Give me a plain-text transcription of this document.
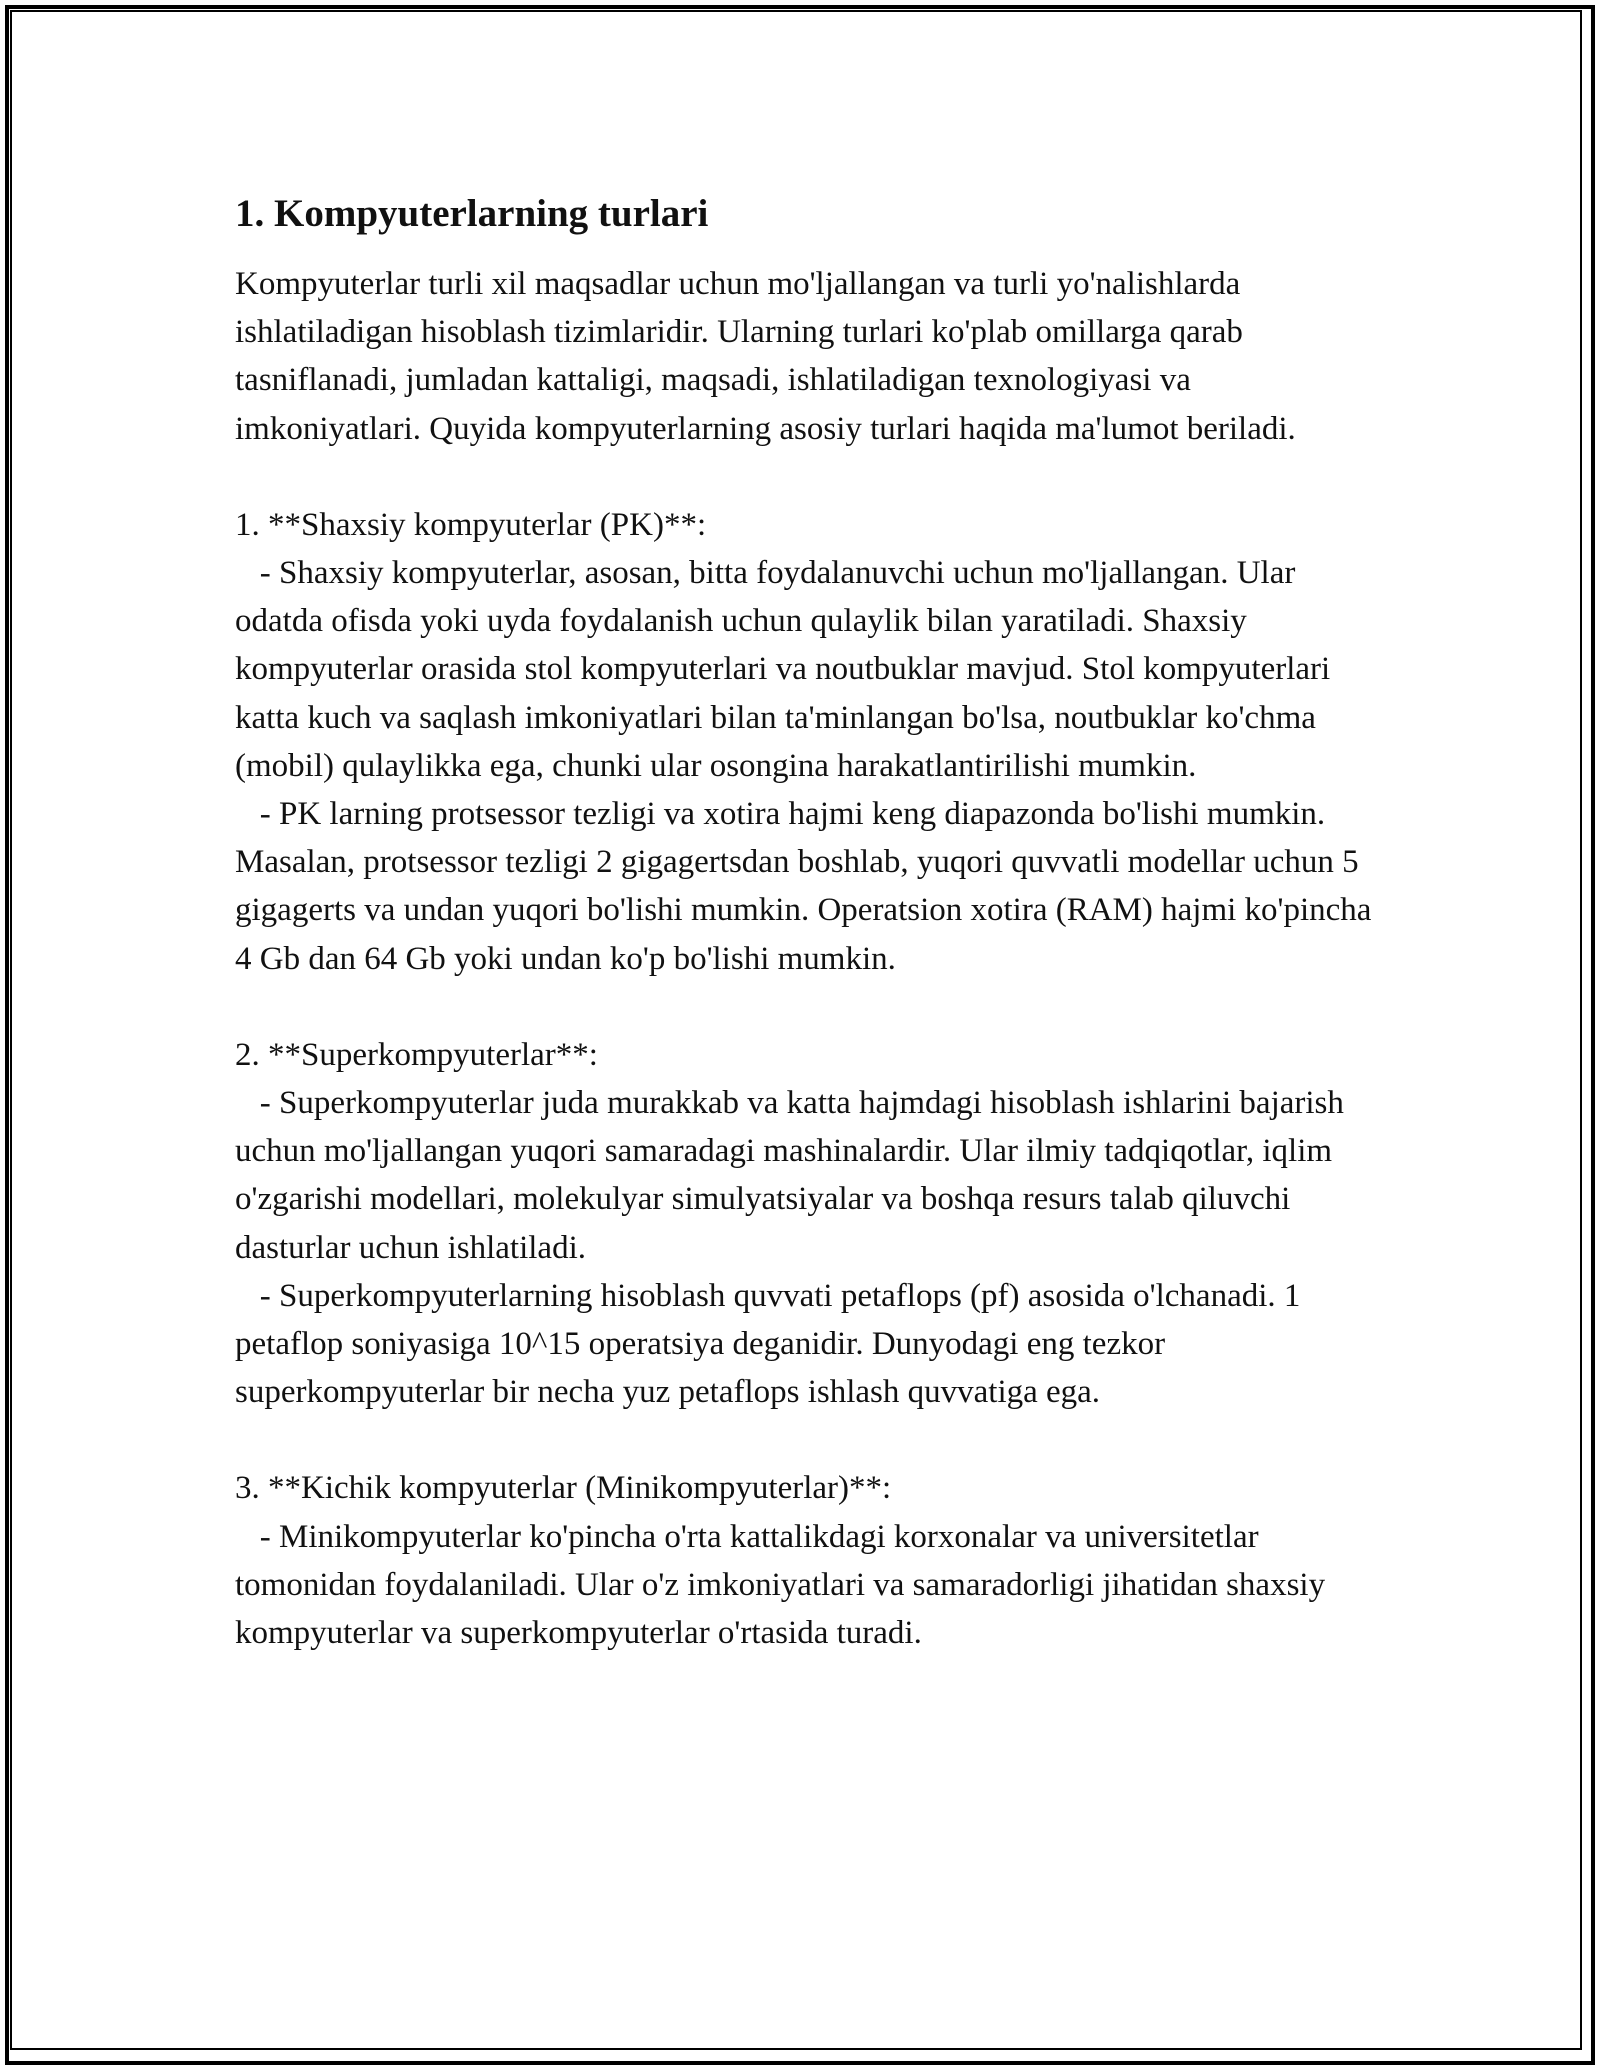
1. Kompyuterlarning turlari

Kompyuterlar turli xil maqsadlar uchun mo'ljallangan va turli yo'nalishlarda ishlatiladigan hisoblash tizimlaridir. Ularning turlari ko'plab omillarga qarab tasniflanadi, jumladan kattaligi, maqsadi, ishlatiladigan texnologiyasi va imkoniyatlari. Quyida kompyuterlarning asosiy turlari haqida ma'lumot beriladi.

1. **Shaxsiy kompyuterlar (PK)**:

- Shaxsiy kompyuterlar, asosan, bitta foydalanuvchi uchun mo'ljallangan. Ular odatda ofisda yoki uyda foydalanish uchun qulaylik bilan yaratiladi. Shaxsiy kompyuterlar orasida stol kompyuterlari va noutbuklar mavjud. Stol kompyuterlari katta kuch va saqlash imkoniyatlari bilan ta'minlangan bo'lsa, noutbuklar ko'chma (mobil) qulaylikka ega, chunki ular osongina harakatlantirilishi mumkin.

- PK larning protsessor tezligi va xotira hajmi keng diapazonda bo'lishi mumkin. Masalan, protsessor tezligi 2 gigagertsdan boshlab, yuqori quvvatli modellar uchun 5 gigagerts va undan yuqori bo'lishi mumkin. Operatsion xotira (RAM) hajmi ko'pincha 4 Gb dan 64 Gb yoki undan ko'p bo'lishi mumkin.

2. **Superkompyuterlar**:

- Superkompyuterlar juda murakkab va katta hajmdagi hisoblash ishlarini bajarish uchun mo'ljallangan yuqori samaradagi mashinalardir. Ular ilmiy tadqiqotlar, iqlim o'zgarishi modellari, molekulyar simulyatsiyalar va boshqa resurs talab qiluvchi dasturlar uchun ishlatiladi.

- Superkompyuterlarning hisoblash quvvati petaflops (pf) asosida o'lchanadi. 1 petaflop soniyasiga 10^15 operatsiya deganidir. Dunyodagi eng tezkor superkompyuterlar bir necha yuz petaflops ishlash quvvatiga ega.

3. **Kichik kompyuterlar (Minikompyuterlar)**:

- Minikompyuterlar ko'pincha o'rta kattalikdagi korxonalar va universitetlar tomonidan foydalaniladi. Ular o'z imkoniyatlari va samaradorligi jihatidan shaxsiy kompyuterlar va superkompyuterlar o'rtasida turadi.
